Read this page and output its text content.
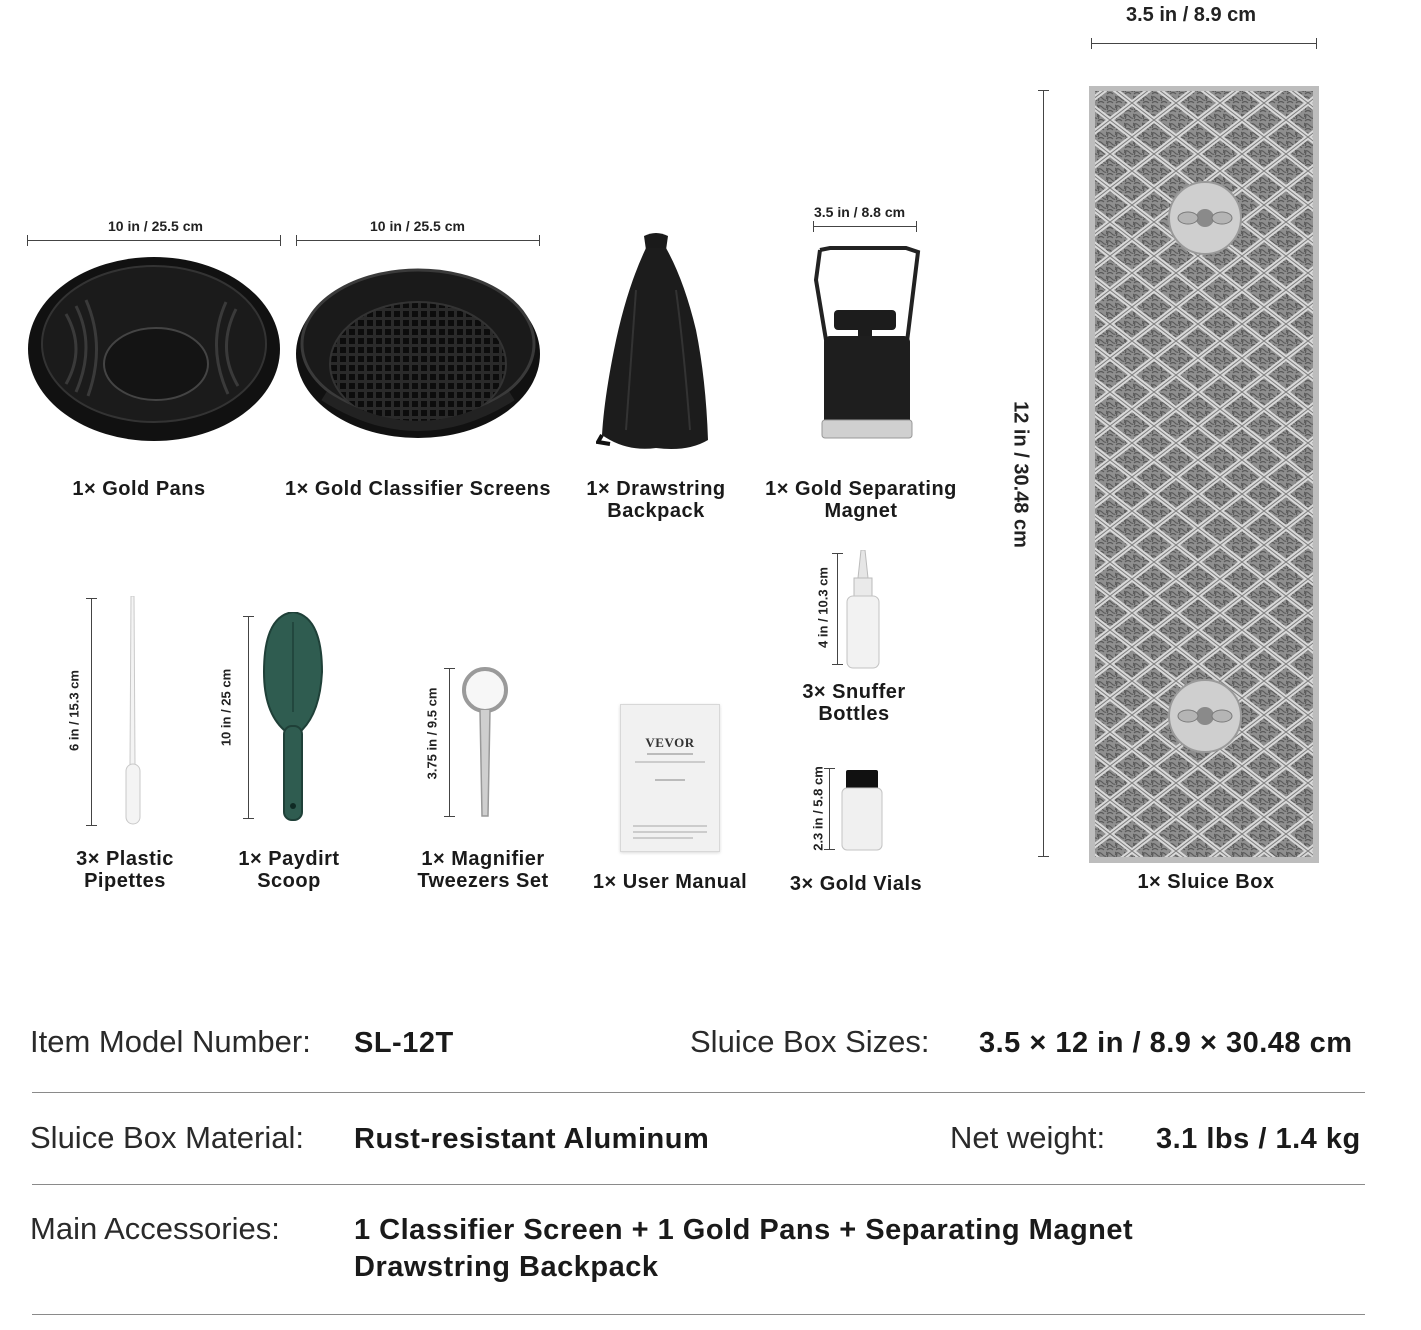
3.5 in / 8.9 cm
12 in / 30.48 cm
1× Sluice Box
10 in / 25.5 cm
1× Gold Pans
10 in / 25.5 cm
1× Gold Classifier Screens	1× Drawstring
Backpack
3.5 in / 8.8 cm
1× Gold Separating
Magnet
4 in / 10.3 cm
3× Snuffer
Bottles
2.3 in / 5.8 cm
3× Gold Vials
6 in / 15.3 cm
3× Plastic
Pipettes
10 in / 25 cm
1× Paydirt
Scoop
3.75 in / 9.5 cm
1× Magnifier
Tweezers Set
VEVOR
1× User Manual
Item Model Number: SL-12T	Sluice Box Sizes: 3.5 × 12 in / 8.9 × 30.48 cm
Sluice Box Material: Rust-resistant Aluminum	Net weight: 3.1 lbs / 1.4 kg
Main Accessories:	1 Classifier Screen + 1 Gold Pans + Separating Magnet
Drawstring Backpack
